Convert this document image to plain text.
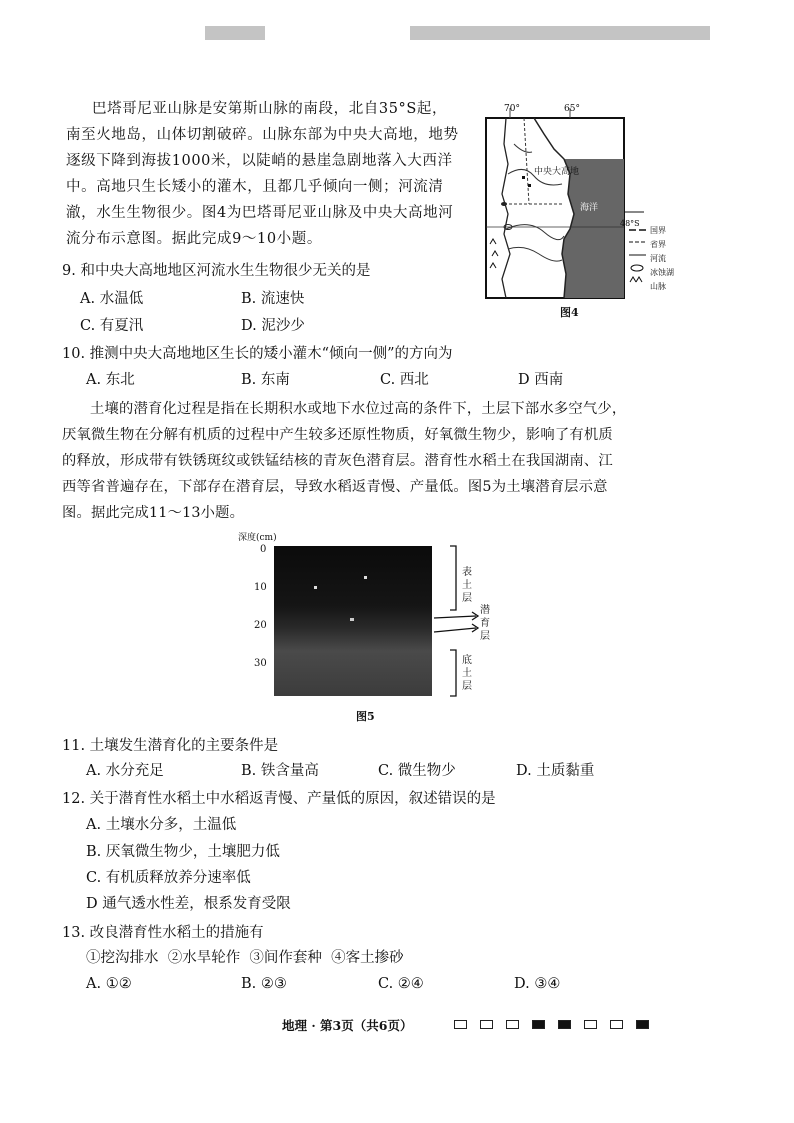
巴塔哥尼亚山脉是安第斯山脉的南段，北自35°S起，
南至火地岛，山体切割破碎。山脉东部为中央大高地，地势
逐级下降到海拔1000米，以陡峭的悬崖急剧地落入大西洋
中。高地只生长矮小的灌木，且都几乎倾向一侧；河流清
澈，水生生物很少。图4为巴塔哥尼亚山脉及中央大高地河
流分布示意图。据此完成9～10小题。
70°	65°
48°S
中央大高地
海洋
国界
省界
河流
冰蚀湖
山脉
图4
9. 和中央大高地地区河流水生生物很少无关的是
A. 水温低	B. 流速快
C. 有夏汛	D. 泥沙少
10. 推测中央大高地地区生长的矮小灌木“倾向一侧”的方向为
A. 东北	B. 东南	C. 西北	D 西南
土壤的潜育化过程是指在长期积水或地下水位过高的条件下，土层下部水多空气少，
厌氧微生物在分解有机质的过程中产生较多还原性物质，好氧微生物少，影响了有机质
的释放，形成带有铁锈斑纹或铁锰结核的青灰色潜育层。潜育性水稻土在我国湖南、江
西等省普遍存在，下部存在潜育层，导致水稻返青慢、产量低。图5为土壤潜育层示意
图。据此完成11～13小题。
深度(cm)
0
10
20
30
表土层
潜育层
底土层
图5
11. 土壤发生潜育化的主要条件是
A. 水分充足	B. 铁含量高	C. 微生物少	D. 土质黏重
12. 关于潜育性水稻土中水稻返青慢、产量低的原因，叙述错误的是
A. 土壤水分多，土温低
B. 厌氧微生物少，土壤肥力低
C. 有机质释放养分速率低
D 通气透水性差，根系发育受限
13. 改良潜育性水稻土的措施有
①挖沟排水  ②水旱轮作  ③间作套种  ④客土掺砂
A. ①②	B. ②③	C. ②④	D. ③④
地理 · 第3页（共6页）
